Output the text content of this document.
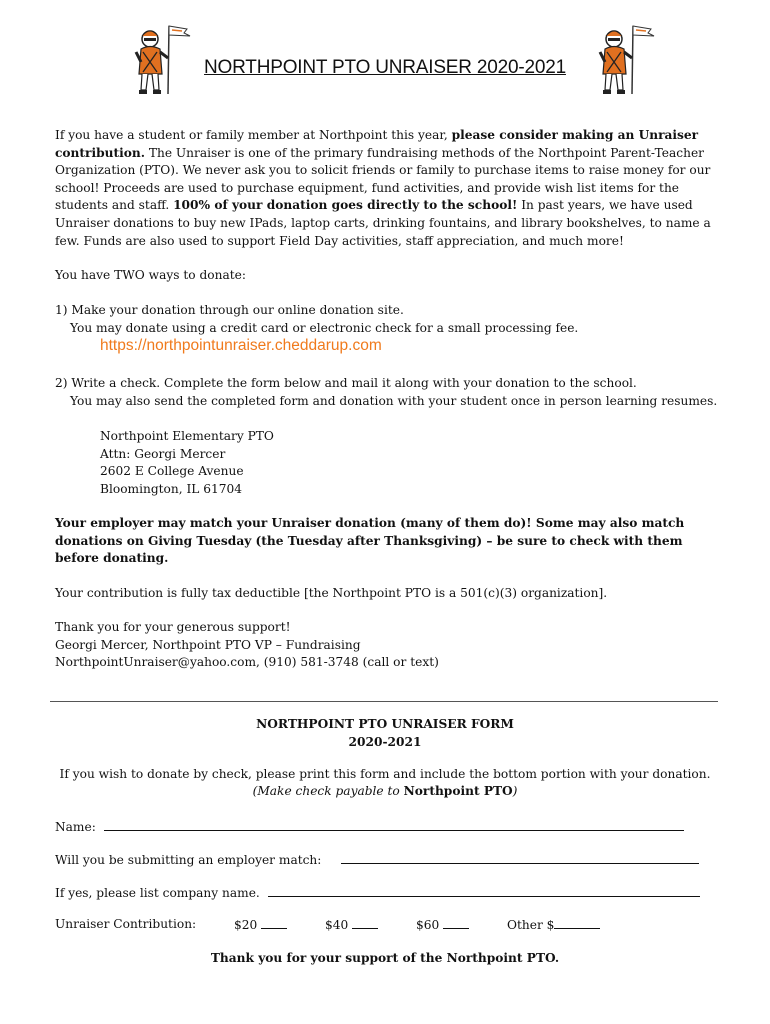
NORTHPOINT PTO UNRAISER 2020-2021
If you have a student or family member at Northpoint this year, please consider making an Unraiser contribution. The Unraiser is one of the primary fundraising methods of the Northpoint Parent-Teacher Organization (PTO). We never ask you to solicit friends or family to purchase items to raise money for our school! Proceeds are used to purchase equipment, fund activities, and provide wish list items for the students and staff. 100% of your donation goes directly to the school! In past years, we have used Unraiser donations to buy new IPads, laptop carts, drinking fountains, and library bookshelves, to name a few. Funds are also used to support Field Day activities, staff appreciation, and much more!
You have TWO ways to donate:
1) Make your donation through our online donation site.
You may donate using a credit card or electronic check for a small processing fee.
https://northpointunraiser.cheddarup.com
2) Write a check. Complete the form below and mail it along with your donation to the school.
You may also send the completed form and donation with your student once in person learning resumes.
Northpoint Elementary PTO
Attn: Georgi Mercer
2602 E College Avenue
Bloomington, IL 61704
Your employer may match your Unraiser donation (many of them do)! Some may also match donations on Giving Tuesday (the Tuesday after Thanksgiving) – be sure to check with them before donating.
Your contribution is fully tax deductible [the Northpoint PTO is a 501(c)(3) organization].
Thank you for your generous support!
Georgi Mercer, Northpoint PTO VP – Fundraising
NorthpointUnraiser@yahoo.com, (910) 581-3748 (call or text)
NORTHPOINT PTO UNRAISER FORM
2020-2021
If you wish to donate by check, please print this form and include the bottom portion with your donation.
(Make check payable to Northpoint PTO)
Name:
Will you be submitting an employer match:
If yes, please list company name.
Unraiser Contribution:	$20	$40	$60	Other $
Thank you for your support of the Northpoint PTO.
